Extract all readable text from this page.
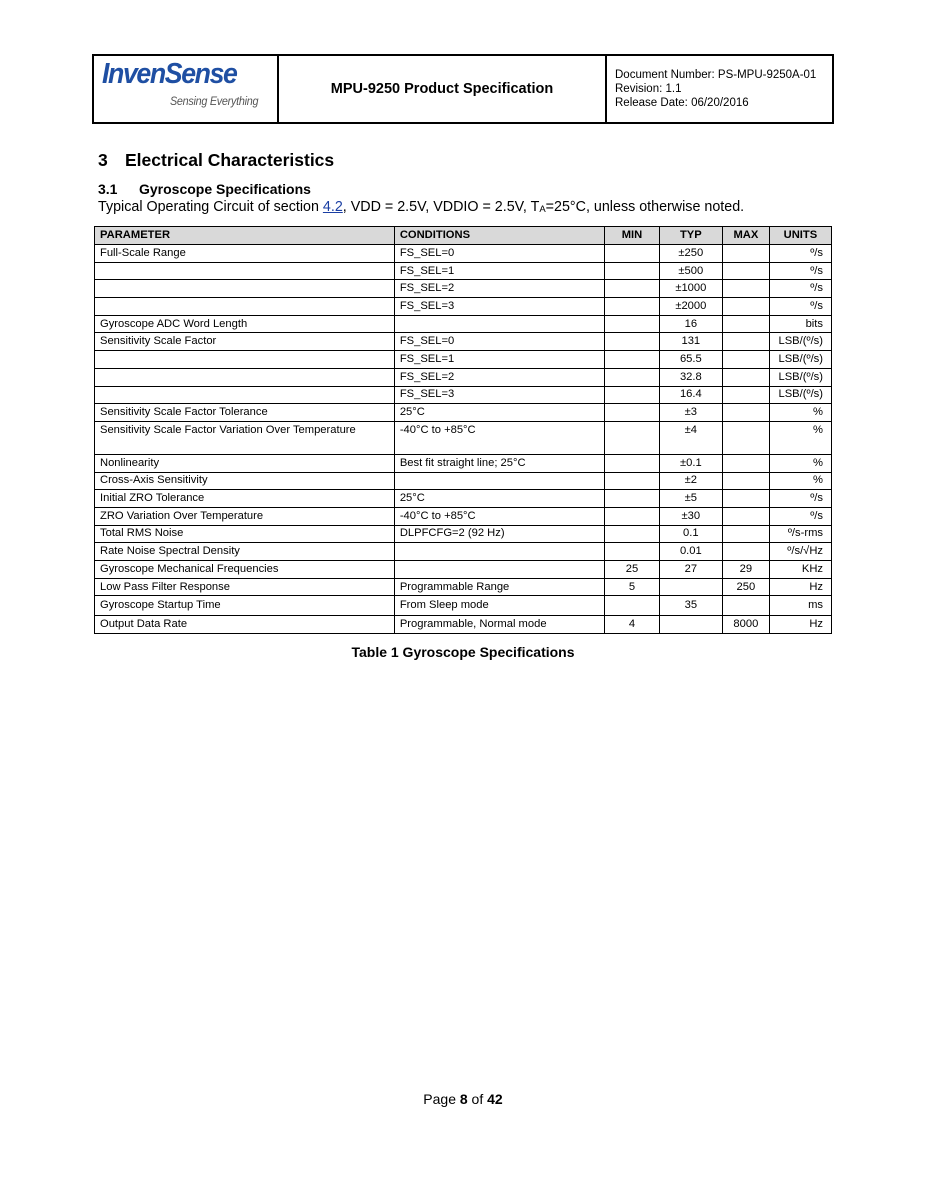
InvenSense
Sensing Everything
MPU-9250 Product Specification
Document Number: PS-MPU-9250A-01
Revision: 1.1
Release Date: 06/20/2016
3 Electrical Characteristics
3.1 Gyroscope Specifications
Typical Operating Circuit of section 4.2, VDD = 2.5V, VDDIO = 2.5V, TA=25°C, unless otherwise noted.
PARAMETER	CONDITIONS	MIN	TYP	MAX	UNITS
Full-Scale Range	FS_SEL=0		±250		º/s
	FS_SEL=1		±500		º/s
	FS_SEL=2		±1000		º/s
	FS_SEL=3		±2000		º/s
Gyroscope ADC Word Length			16		bits
Sensitivity Scale Factor	FS_SEL=0		131		LSB/(º/s)
	FS_SEL=1		65.5		LSB/(º/s)
	FS_SEL=2		32.8		LSB/(º/s)
	FS_SEL=3		16.4		LSB/(º/s)
Sensitivity Scale Factor Tolerance	25°C		±3		%
Sensitivity Scale Factor Variation Over Temperature	-40°C to +85°C		±4		%
Nonlinearity	Best fit straight line; 25°C		±0.1		%
Cross-Axis Sensitivity			±2		%
Initial ZRO Tolerance	25°C		±5		º/s
ZRO Variation Over Temperature	-40°C to +85°C		±30		º/s
Total RMS Noise	DLPFCFG=2 (92 Hz)		0.1		º/s-rms
Rate Noise Spectral Density			0.01		º/s/√Hz
Gyroscope Mechanical Frequencies		25	27	29	KHz
Low Pass Filter Response	Programmable Range	5		250	Hz
Gyroscope Startup Time	From Sleep mode		35		ms
Output Data Rate	Programmable, Normal mode	4		8000	Hz
Table 1 Gyroscope Specifications
Page 8 of 42
